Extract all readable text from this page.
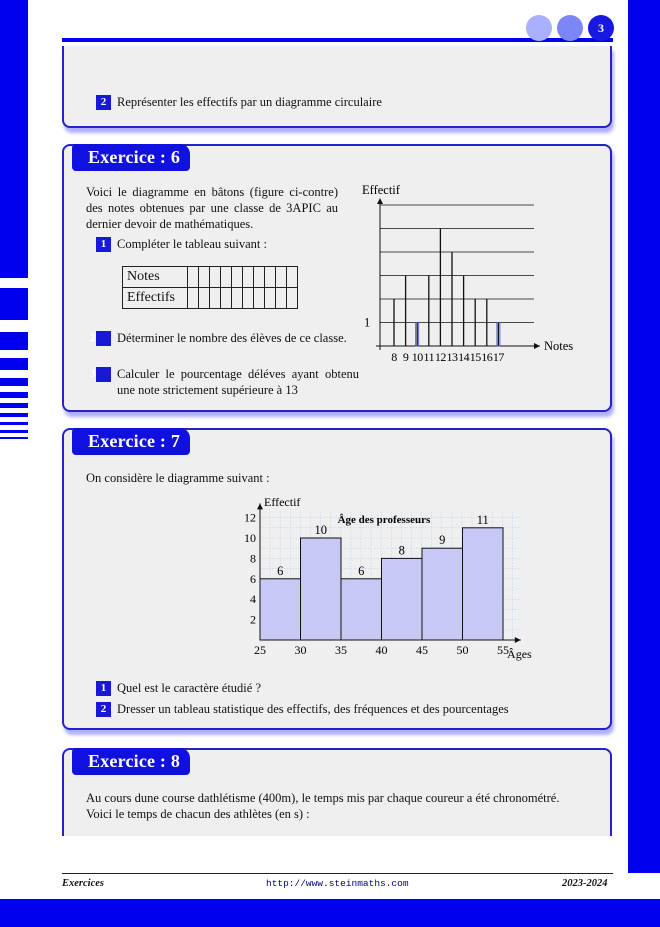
3
2 Représenter les effectifs par un diagramme circulaire
Exercice : 6
Voici le diagramme en bâtons (figure ci-contre) des notes obtenues par une classe de 3APIC au dernier devoir de mathématiques.
1 Compléter le tableau suivant :
Notes										
Effectifs										
2 Déterminer le nombre des élèves de ce classe.
3 Calculer le pourcentage déléves ayant obtenu une note strictement supérieure à 13
Effectif
Notes
1
8 9 10 11 12 13 14 15 16 17
Exercice : 7
On considère le diagramme suivant :
6
10
6
8
9
11
25 30 35 40 45 50 55
2
4
6
8
10
12
Effectif
Âges
Âge des professeurs
1 Quel est le caractère étudié ?
2 Dresser un tableau statistique des effectifs, des fréquences et des pourcentages
Exercice : 8
Au cours dune course dathlétisme (400m), le temps mis par chaque coureur a été chronométré.
Voici le temps de chacun des athlètes (en s) :
Exercices	http://www.steinmaths.com	2023-2024
